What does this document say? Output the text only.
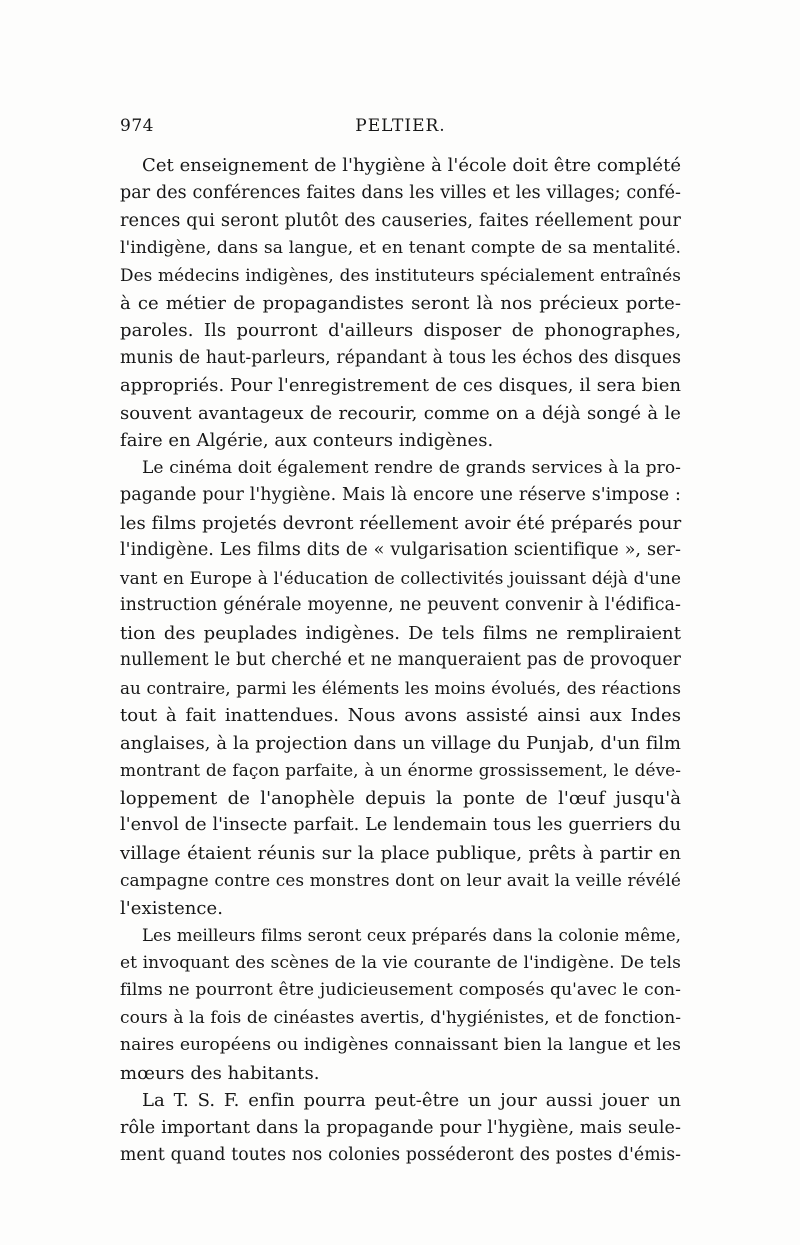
974	PELTIER.
Cet enseignement de l'hygiène à l'école doit être complété
par des conférences faites dans les villes et les villages; confé-
rences qui seront plutôt des causeries, faites réellement pour
l'indigène, dans sa langue, et en tenant compte de sa mentalité.
Des médecins indigènes, des instituteurs spécialement entraînés
à ce métier de propagandistes seront là nos précieux porte-
paroles. Ils pourront d'ailleurs disposer de phonographes,
munis de haut-parleurs, répandant à tous les échos des disques
appropriés. Pour l'enregistrement de ces disques, il sera bien
souvent avantageux de recourir, comme on a déjà songé à le
faire en Algérie, aux conteurs indigènes.
Le cinéma doit également rendre de grands services à la pro-
pagande pour l'hygiène. Mais là encore une réserve s'impose :
les films projetés devront réellement avoir été préparés pour
l'indigène. Les films dits de « vulgarisation scientifique », ser-
vant en Europe à l'éducation de collectivités jouissant déjà d'une
instruction générale moyenne, ne peuvent convenir à l'édifica-
tion des peuplades indigènes. De tels films ne rempliraient
nullement le but cherché et ne manqueraient pas de provoquer
au contraire, parmi les éléments les moins évolués, des réactions
tout à fait inattendues. Nous avons assisté ainsi aux Indes
anglaises, à la projection dans un village du Punjab, d'un film
montrant de façon parfaite, à un énorme grossissement, le déve-
loppement de l'anophèle depuis la ponte de l'œuf jusqu'à
l'envol de l'insecte parfait. Le lendemain tous les guerriers du
village étaient réunis sur la place publique, prêts à partir en
campagne contre ces monstres dont on leur avait la veille révélé
l'existence.
Les meilleurs films seront ceux préparés dans la colonie même,
et invoquant des scènes de la vie courante de l'indigène. De tels
films ne pourront être judicieusement composés qu'avec le con-
cours à la fois de cinéastes avertis, d'hygiénistes, et de fonction-
naires européens ou indigènes connaissant bien la langue et les
mœurs des habitants.
La T. S. F. enfin pourra peut-être un jour aussi jouer un
rôle important dans la propagande pour l'hygiène, mais seule-
ment quand toutes nos colonies posséderont des postes d'émis-
